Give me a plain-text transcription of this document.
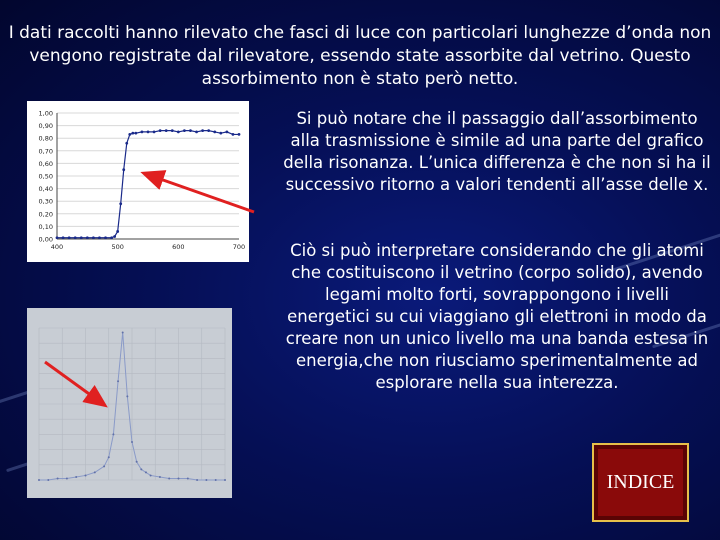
I dati raccolti hanno rilevato che fasci di luce con particolari lunghezze d’onda non vengono registrate dal rilevatore, essendo state assorbite dal vetrino. Questo assorbimento non è stato però netto.
0,00
0,10
0,20
0,30
0,40
0,50
0,60
0,70
0,80
0,90
1,00
400	500	600	700
Si può notare che il passaggio dall’assorbimento alla trasmissione è simile ad una parte del grafico della risonanza. L’unica differenza è che non si ha il successivo ritorno a valori tendenti all’asse delle x.
Ciò si può interpretare considerando che gli atomi che costituiscono il vetrino (corpo solido), avendo legami molto forti, sovrappongono i livelli energetici su cui viaggiano gli elettroni in modo da creare non un unico livello ma una banda estesa in energia,che non riusciamo sperimentalmente ad esplorare nella sua interezza.
INDICE
